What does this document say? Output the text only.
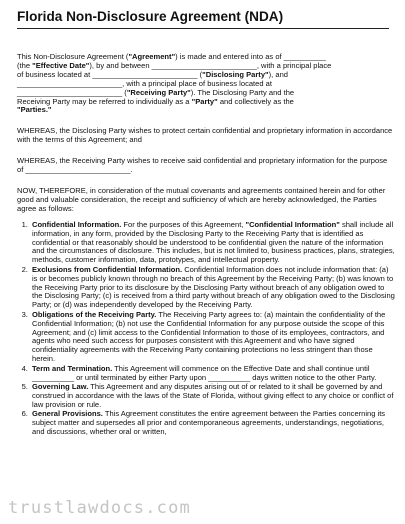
Florida Non-Disclosure Agreement (NDA)

This Non-Disclosure Agreement ("Agreement") is made and entered into as of __________
(the "Effective Date"), by and between _________________________, with a principal place
of business located at _________________________ ("Disclosing Party"), and
_________________________, with a principal place of business located at
_________________________ ("Receiving Party"). The Disclosing Party and the
Receiving Party may be referred to individually as a "Party" and collectively as the
"Parties."

WHEREAS, the Disclosing Party wishes to protect certain confidential and proprietary information in accordance with the terms of this Agreement; and

WHEREAS, the Receiving Party wishes to receive said confidential and proprietary information for the purpose of _________________________.

NOW, THEREFORE, in consideration of the mutual covenants and agreements contained herein and for other good and valuable consideration, the receipt and sufficiency of which are hereby acknowledged, the Parties agree as follows:

1. Confidential Information. For the purposes of this Agreement, "Confidential Information" shall include all information, in any form, provided by the Disclosing Party to the Receiving Party that is identified as confidential or that reasonably should be understood to be confidential given the nature of the information and the circumstances of disclosure. This includes, but is not limited to, business practices, plans, strategies, methods, customer information, data, prototypes, and intellectual property.
2. Exclusions from Confidential Information. Confidential Information does not include information that: (a) is or becomes publicly known through no breach of this Agreement by the Receiving Party; (b) was known to the Receiving Party prior to its disclosure by the Disclosing Party without breach of any obligation owed to the Disclosing Party; (c) is received from a third party without breach of any obligation owed to the Disclosing Party; or (d) was independently developed by the Receiving Party.
3. Obligations of the Receiving Party. The Receiving Party agrees to: (a) maintain the confidentiality of the Confidential Information; (b) not use the Confidential Information for any purpose outside the scope of this Agreement; and (c) limit access to the Confidential Information to those of its employees, contractors, and agents who need such access for purposes consistent with this Agreement and who have signed confidentiality agreements with the Receiving Party containing protections no less stringent than those herein.
4. Term and Termination. This Agreement will commence on the Effective Date and shall continue until __________ or until terminated by either Party upon __________ days written notice to the other Party.
5. Governing Law. This Agreement and any disputes arising out of or related to it shall be governed by and construed in accordance with the laws of the State of Florida, without giving effect to any choice or conflict of law provision or rule.
6. General Provisions. This Agreement constitutes the entire agreement between the Parties concerning its subject matter and supersedes all prior and contemporaneous agreements, understandings, negotiations, and discussions, whether oral or written,
trustlawdocs.com
